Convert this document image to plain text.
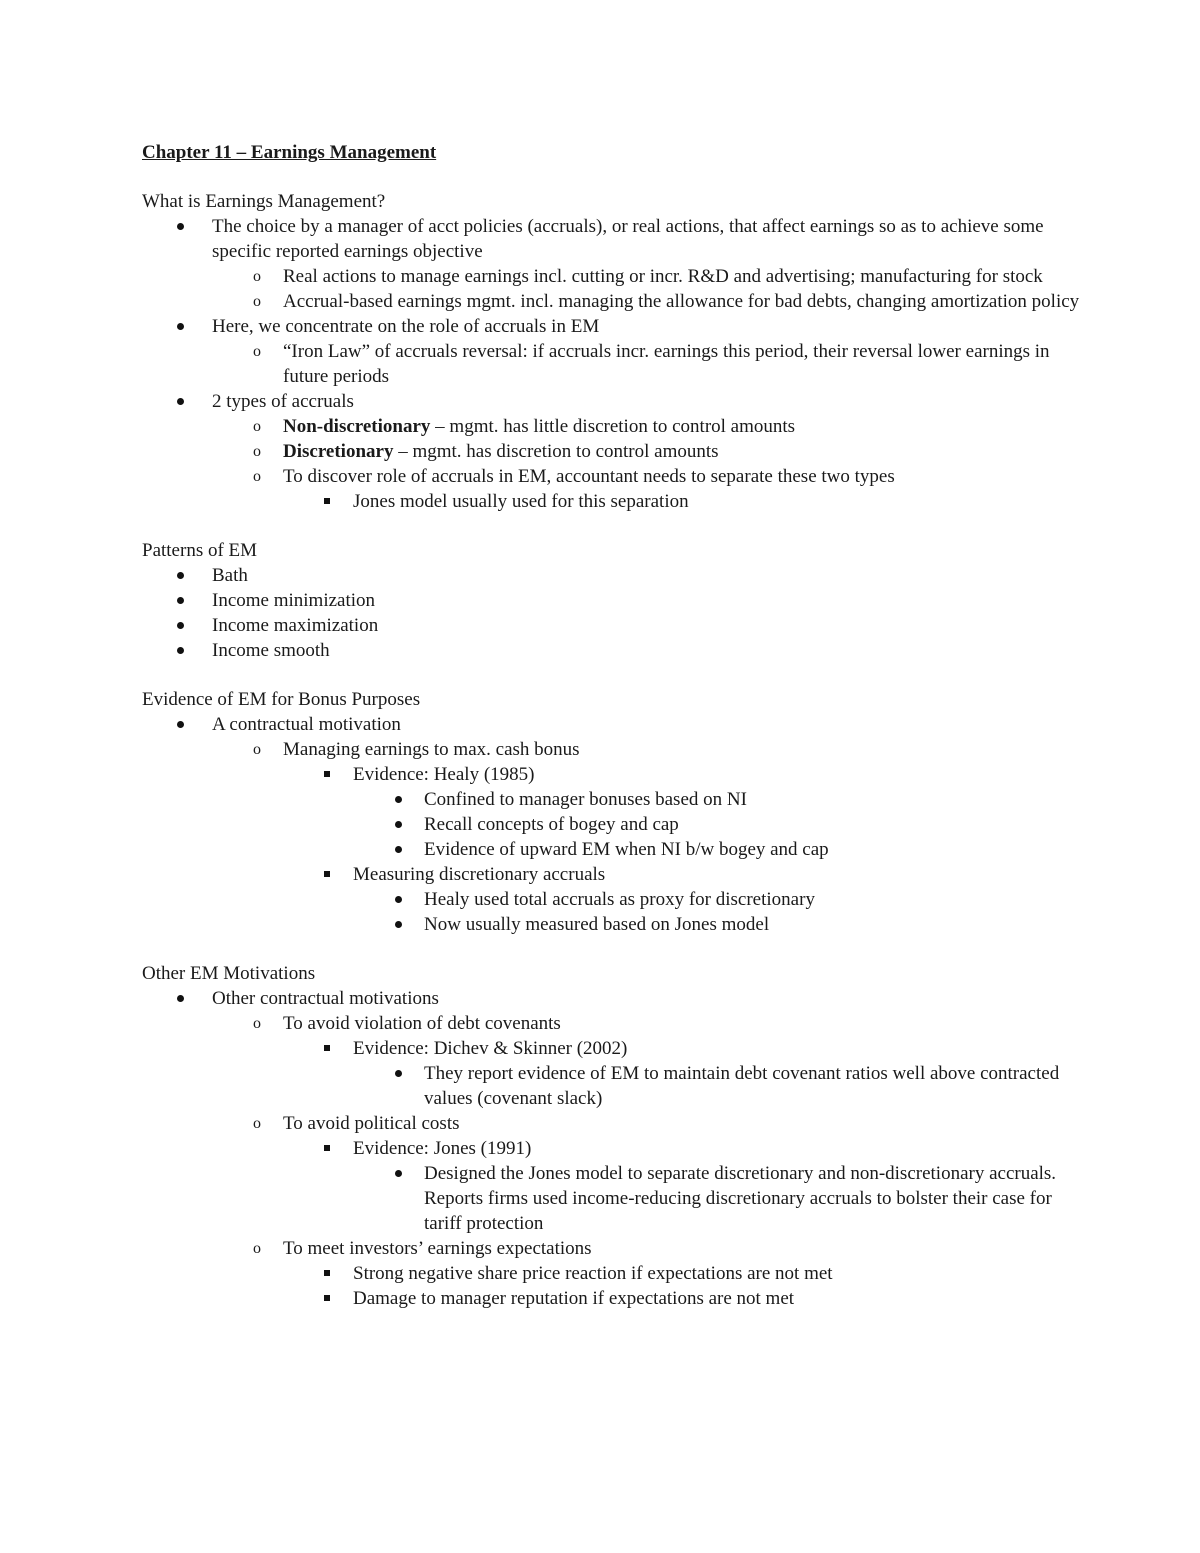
Chapter 11 – Earnings Management
What is Earnings Management?
The choice by a manager of acct policies (accruals), or real actions, that affect earnings so as to achieve some specific reported earnings objective
o	Real actions to manage earnings incl. cutting or incr. R&D and advertising; manufacturing for stock
o	Accrual-based earnings mgmt. incl. managing the allowance for bad debts, changing amortization policy
Here, we concentrate on the role of accruals in EM
o	“Iron Law” of accruals reversal: if accruals incr. earnings this period, their reversal lower earnings in future periods
2 types of accruals
o	Non-discretionary – mgmt. has little discretion to control amounts
o	Discretionary – mgmt. has discretion to control amounts
o	To discover role of accruals in EM, accountant needs to separate these two types
Jones model usually used for this separation
Patterns of EM
Bath
Income minimization
Income maximization
Income smooth
Evidence of EM for Bonus Purposes
A contractual motivation
o	Managing earnings to max. cash bonus
Evidence: Healy (1985)
Confined to manager bonuses based on NI
Recall concepts of bogey and cap
Evidence of upward EM when NI b/w bogey and cap
Measuring discretionary accruals
Healy used total accruals as proxy for discretionary
Now usually measured based on Jones model
Other EM Motivations
Other contractual motivations
o	To avoid violation of debt covenants
Evidence: Dichev & Skinner (2002)
They report evidence of EM to maintain debt covenant ratios well above contracted values (covenant slack)
o	To avoid political costs
Evidence: Jones (1991)
Designed the Jones model to separate discretionary and non-discretionary accruals. Reports firms used income-reducing discretionary accruals to bolster their case for tariff protection
o	To meet investors’ earnings expectations
Strong negative share price reaction if expectations are not met
Damage to manager reputation if expectations are not met
